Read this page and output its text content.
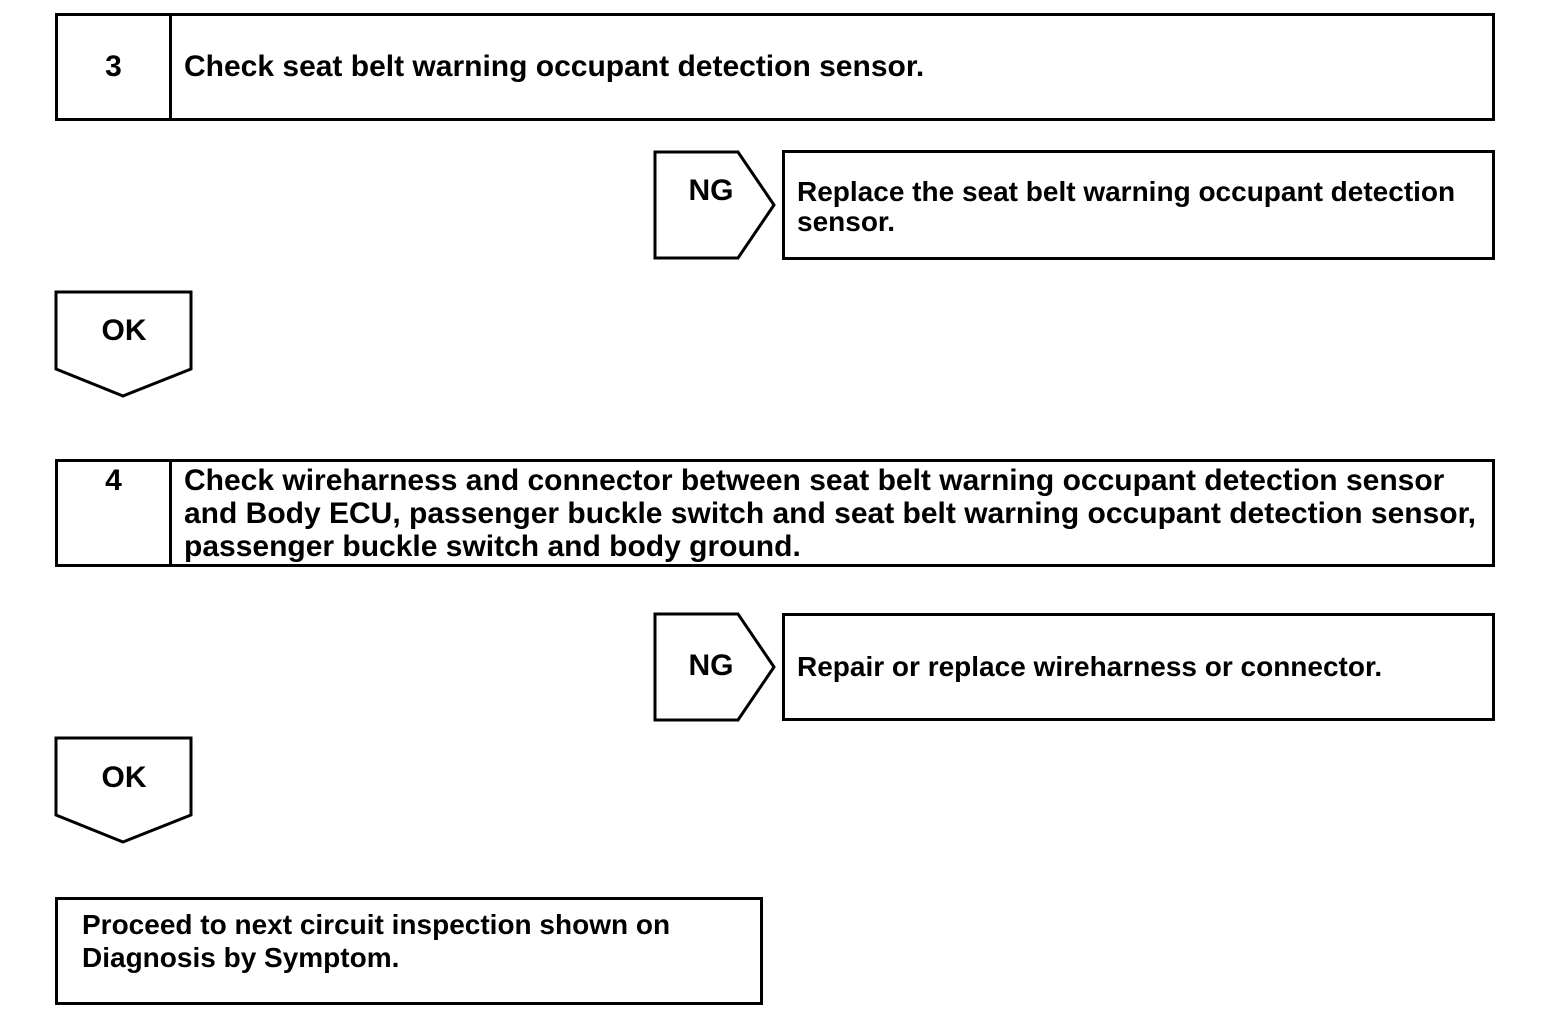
3	Check seat belt warning occupant detection sensor.
NG	Replace the seat belt warning occupant detection sensor.
OK
4	Check wireharness and connector between seat belt warning occupant detection sensor and Body ECU, passenger buckle switch and seat belt warning occupant detection sensor, passenger buckle switch and body ground.
NG	Repair or replace wireharness or connector.
OK
Proceed to next circuit inspection shown on Diagnosis by Symptom.
